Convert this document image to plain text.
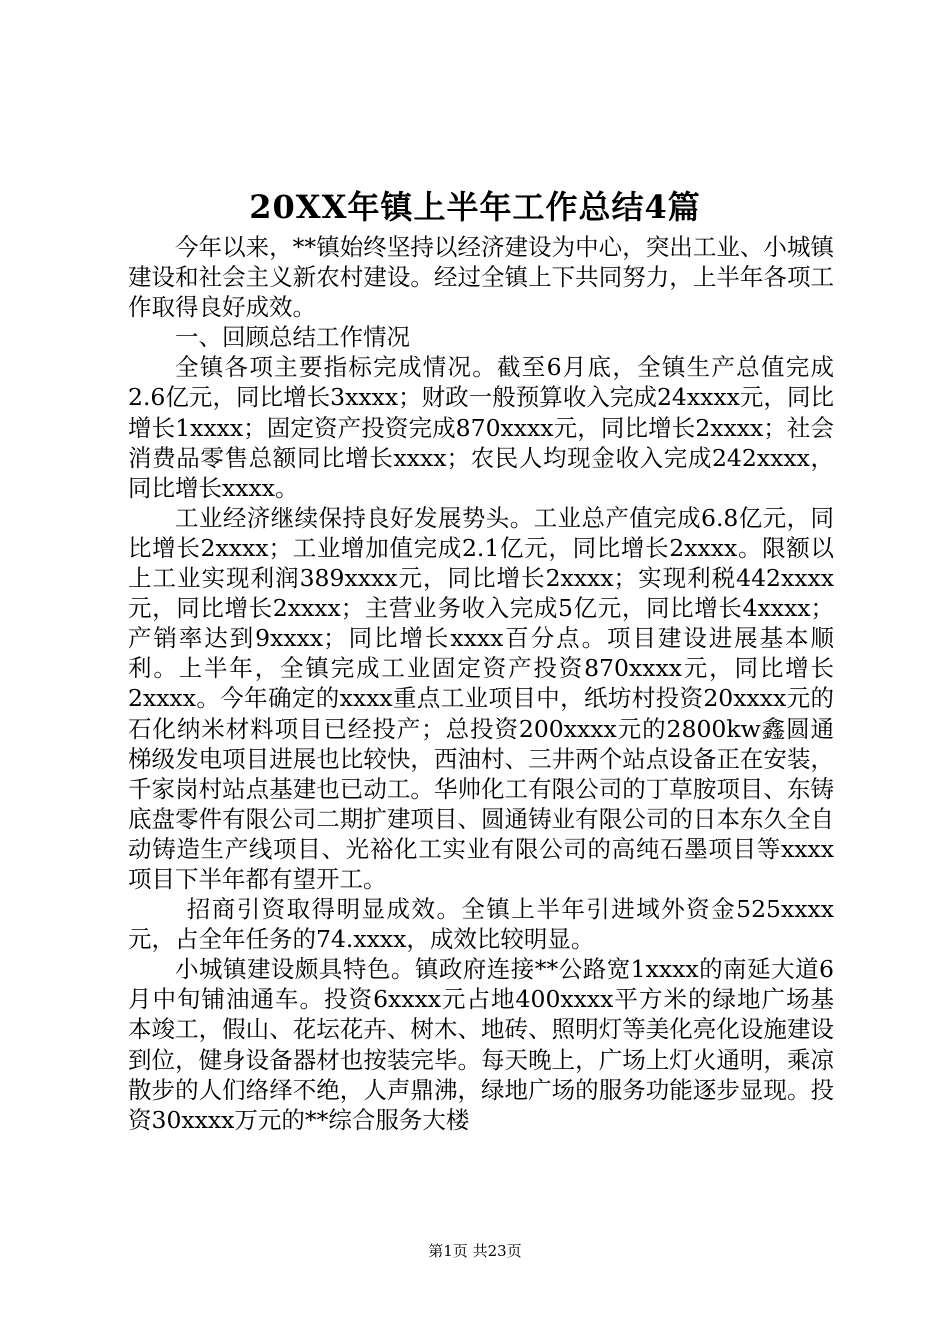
20XX年镇上半年工作总结4篇

今年以来，**镇始终坚持以经济建设为中心，突出工业、小城镇建设和社会主义新农村建设。经过全镇上下共同努力，上半年各项工作取得良好成效。

一、回顾总结工作情况

全镇各项主要指标完成情况。截至6月底，全镇生产总值完成2.6亿元，同比增长3xxxx；财政一般预算收入完成24xxxx元，同比增长1xxxx；固定资产投资完成870xxxx元，同比增长2xxxx；社会消费品零售总额同比增长xxxx；农民人均现金收入完成242xxxx，同比增长xxxx。

工业经济继续保持良好发展势头。工业总产值完成6.8亿元，同比增长2xxxx；工业增加值完成2.1亿元，同比增长2xxxx。限额以上工业实现利润389xxxx元，同比增长2xxxx；实现利税442xxxx元，同比增长2xxxx；主营业务收入完成5亿元，同比增长4xxxx；产销率达到9xxxx；同比增长xxxx百分点。项目建设进展基本顺利。上半年，全镇完成工业固定资产投资870xxxx元，同比增长2xxxx。今年确定的xxxx重点工业项目中，纸坊村投资20xxxx元的石化纳米材料项目已经投产；总投资200xxxx元的2800kw鑫圆通梯级发电项目进展也比较快，西油村、三井两个站点设备正在安装，千家岗村站点基建也已动工。华帅化工有限公司的丁草胺项目、东铸底盘零件有限公司二期扩建项目、圆通铸业有限公司的日本东久全自动铸造生产线项目、光裕化工实业有限公司的高纯石墨项目等xxxx项目下半年都有望开工。

招商引资取得明显成效。全镇上半年引进域外资金525xxxx元，占全年任务的74.xxxx，成效比较明显。

小城镇建设颇具特色。镇政府连接**公路宽1xxxx的南延大道6月中旬铺油通车。投资6xxxx元占地400xxxx平方米的绿地广场基本竣工，假山、花坛花卉、树木、地砖、照明灯等美化亮化设施建设到位，健身设备器材也按装完毕。每天晚上，广场上灯火通明，乘凉散步的人们络绎不绝，人声鼎沸，绿地广场的服务功能逐步显现。投资30xxxx万元的**综合服务大楼

第1页 共23页
